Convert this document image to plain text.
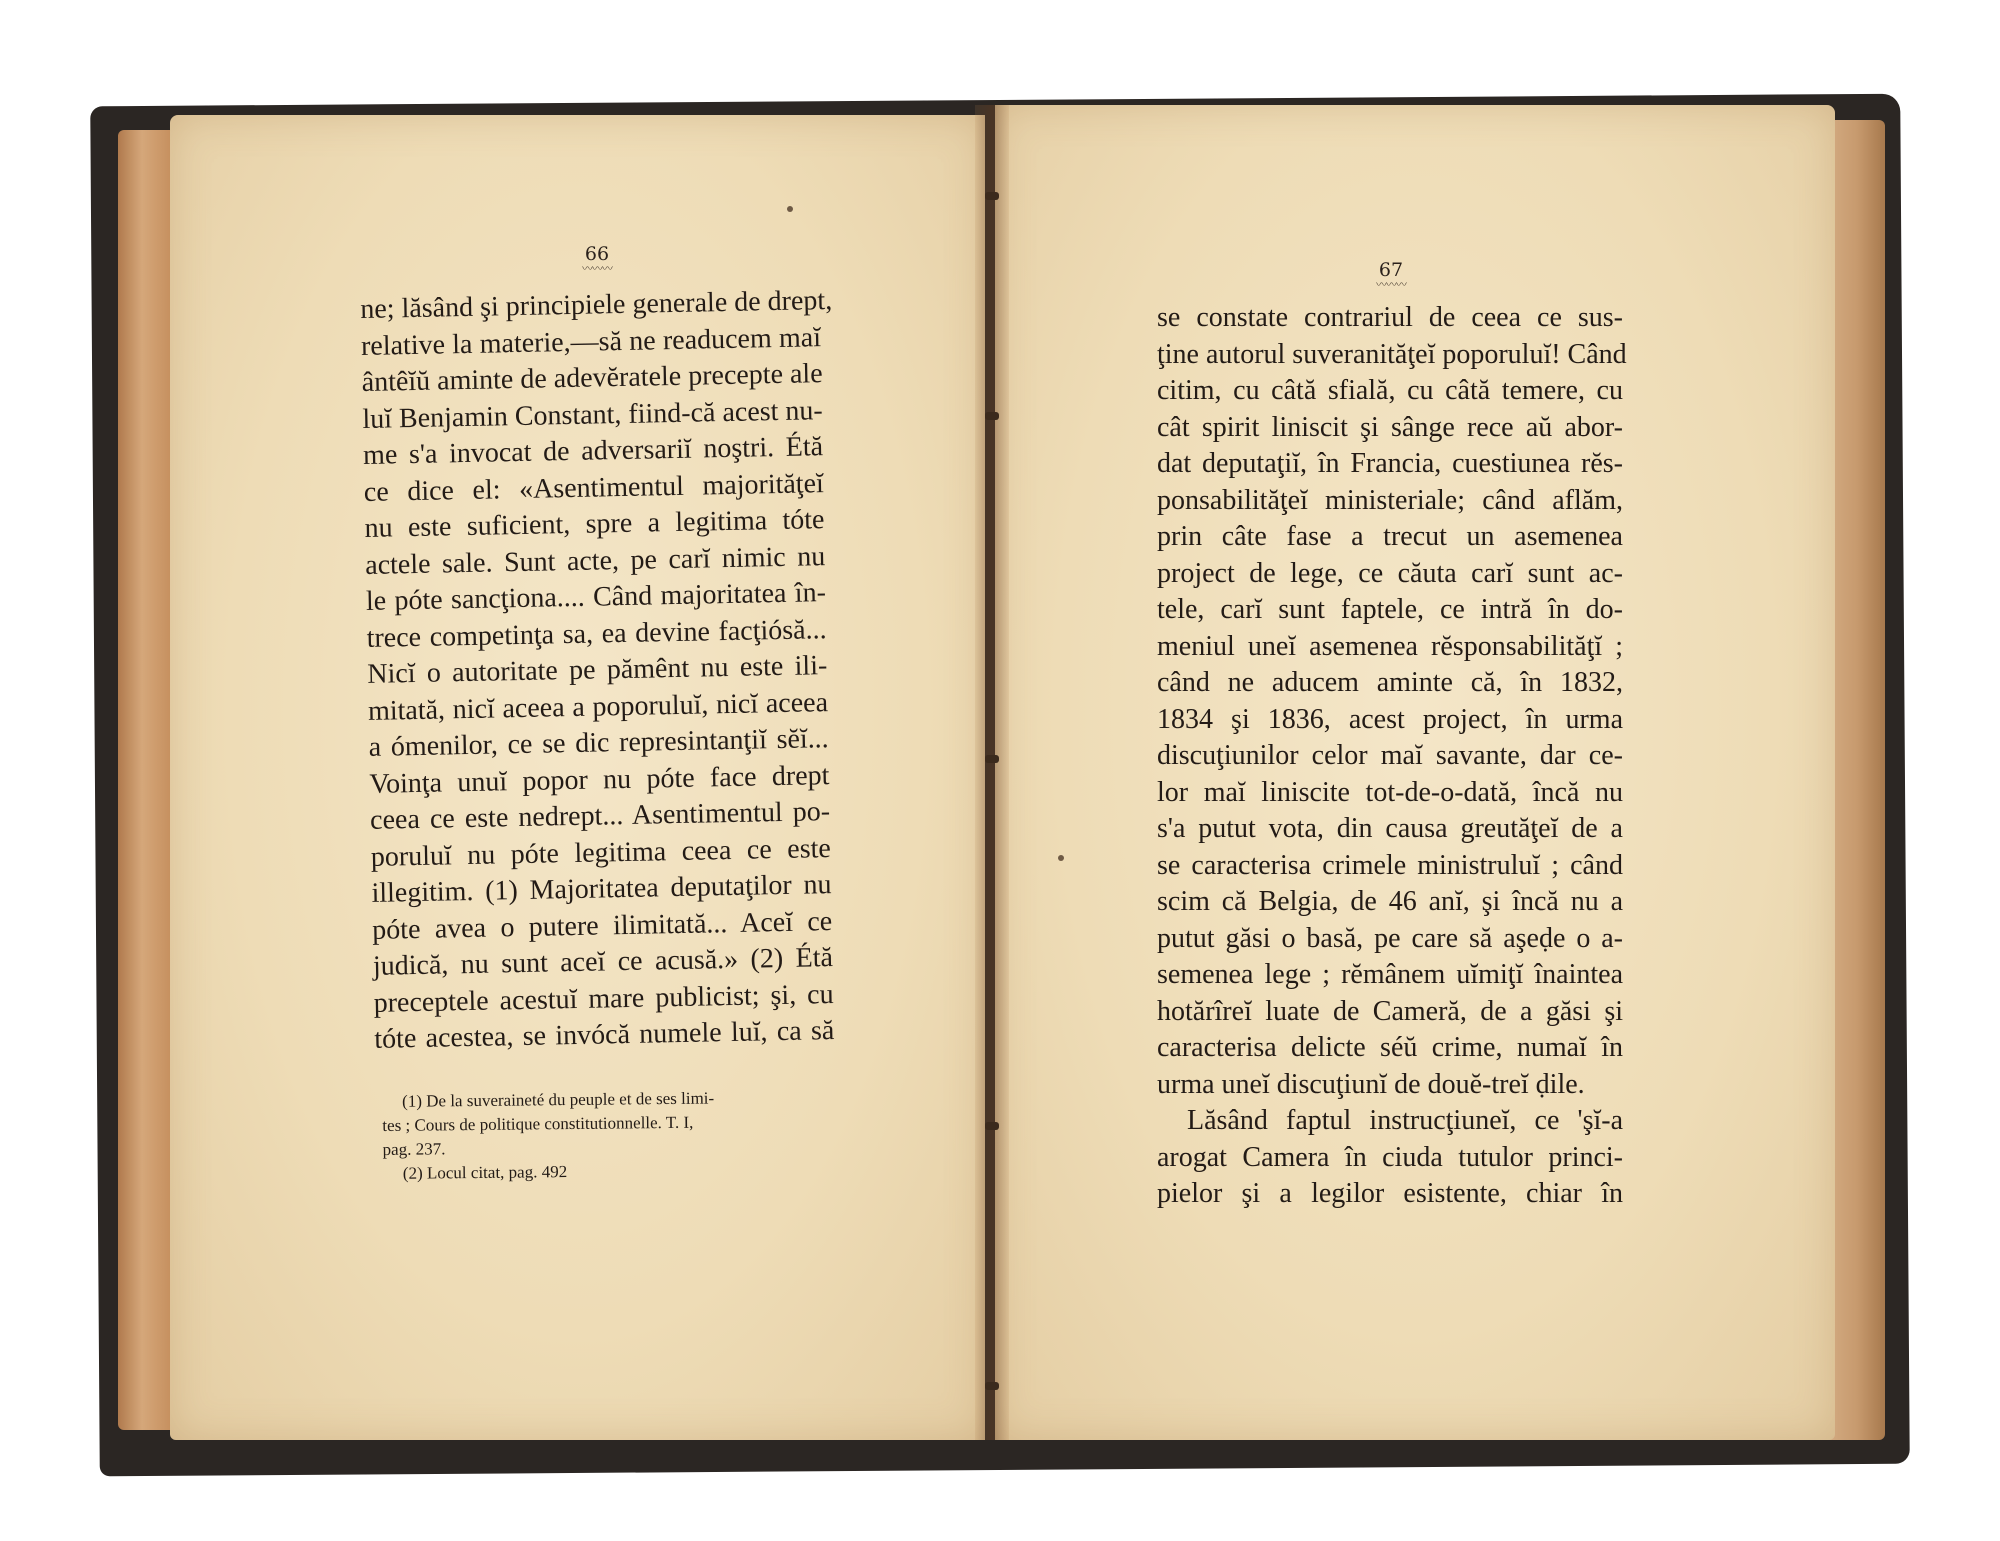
66
〰〰〰	67
〰〰〰
ne; lăsând şi principiele generale de drept,
relative la materie,—să ne readucem maĭ
ântêĭŭ aminte de adevĕratele precepte ale
luĭ Benjamin Constant, fiind-că acest nu-
me s'a invocat de adversariĭ noştri. Étă
ce dice el: «Asentimentul majorităţeĭ
nu este suficient, spre a legitima tóte
actele sale. Sunt acte, pe carĭ nimic nu
le póte sancţiona.... Când majoritatea în-
trece competinţa sa, ea devine facţiósă...
Nicĭ o autoritate pe pămênt nu este ili-
mitată, nicĭ aceea a poporuluĭ, nicĭ aceea
a ómenilor, ce se dic represintanţiĭ sĕĭ...
Voinţa unuĭ popor nu póte face drept
ceea ce este nedrept... Asentimentul po-
poruluĭ nu póte legitima ceea ce este
illegitim. (1) Majoritatea deputaţilor nu
póte avea o putere ilimitată... Aceĭ ce
judică, nu sunt aceĭ ce acusă.» (2) Étă
preceptele acestuĭ mare publicist; şi, cu
tóte acestea, se invócă numele luĭ, ca să
(1) De la suveraineté du peuple et de ses limi-
tes ; Cours de politique constitutionnelle. T. I,
pag. 237.
(2) Locul citat, pag. 492
se constate contrariul de ceea ce sus-
ţine autorul suveranităţeĭ poporuluĭ! Când
citim, cu câtă sfială, cu câtă temere, cu
cât spirit liniscit şi sânge rece aŭ abor-
dat deputaţiĭ, în Francia, cuestiunea rĕs-
ponsabilităţeĭ ministeriale; când aflăm,
prin câte fase a trecut un asemenea
project de lege, ce căuta carĭ sunt ac-
tele, carĭ sunt faptele, ce intră în do-
meniul uneĭ asemenea rĕsponsabilităţĭ ;
când ne aducem aminte că, în 1832,
1834 şi 1836, acest project, în urma
discuţiunilor celor maĭ savante, dar ce-
lor maĭ liniscite tot-de-o-dată, încă nu
s'a putut vota, din causa greutăţeĭ de a
se caracterisa crimele ministruluĭ ; când
scim că Belgia, de 46 anĭ, şi încă nu a
putut găsi o basă, pe care să aşeḍe o a-
semenea lege ; rĕmânem uĭmiţĭ înaintea
hotărîreĭ luate de Cameră, de a găsi şi
caracterisa delicte séŭ crime, numaĭ în
urma uneĭ discuţiunĭ de douĕ-treĭ ḍile.
Lăsând faptul instrucţiuneĭ, ce 'şĭ-a
arogat Camera în ciuda tutulor princi-
pielor şi a legilor esistente, chiar în
